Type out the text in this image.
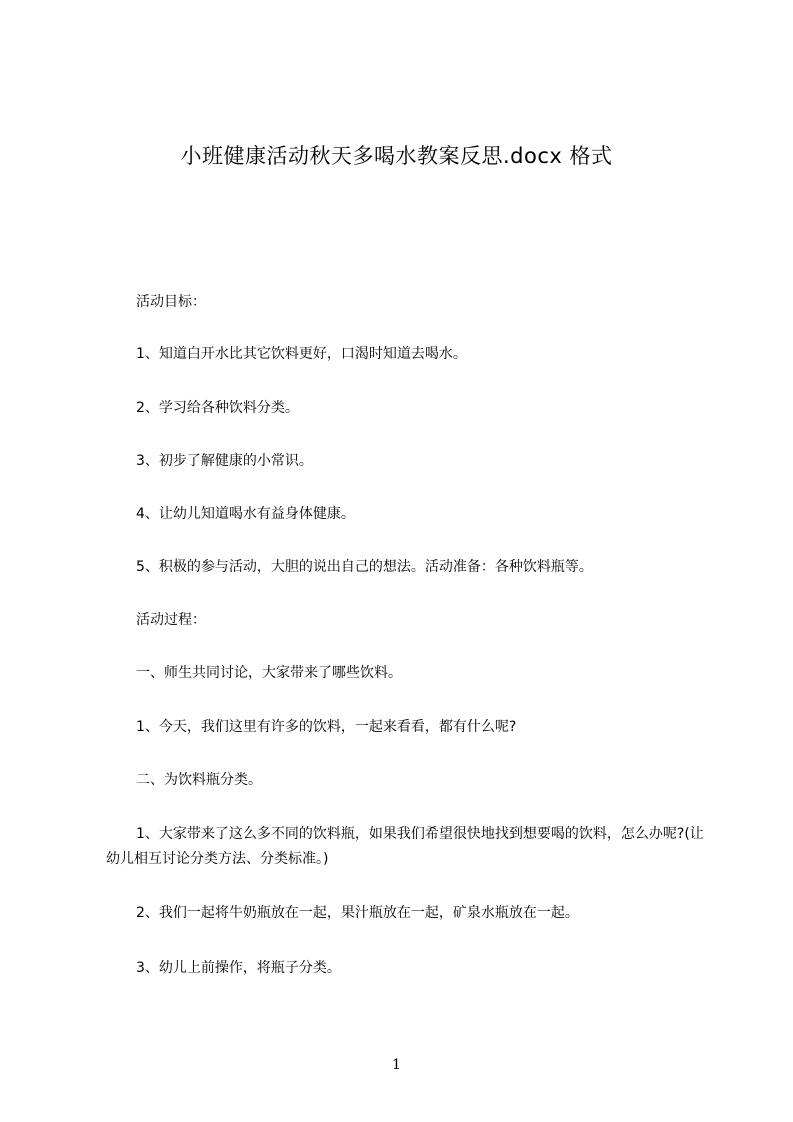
小班健康活动秋天多喝水教案反思.docx 格式
活动目标：
1、知道白开水比其它饮料更好，口渴时知道去喝水。
2、学习给各种饮料分类。
3、初步了解健康的小常识。
4、让幼儿知道喝水有益身体健康。
5、积极的参与活动，大胆的说出自己的想法。活动准备：各种饮料瓶等。
活动过程：
一、师生共同讨论，大家带来了哪些饮料。
1、今天，我们这里有许多的饮料，一起来看看，都有什么呢?
二、为饮料瓶分类。
1、大家带来了这么多不同的饮料瓶，如果我们希望很快地找到想要喝的饮料，怎么办呢?(让幼儿相互讨论分类方法、分类标准。)
2、我们一起将牛奶瓶放在一起，果汁瓶放在一起，矿泉水瓶放在一起。
3、幼儿上前操作，将瓶子分类。
1
